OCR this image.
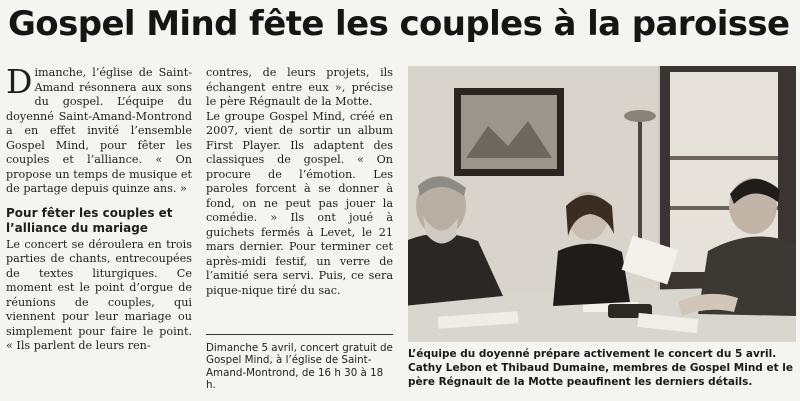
Gospel Mind fête les couples à la paroisse

Dimanche, l’église de Saint-Amand résonnera aux sons du gospel. L’équipe du doyenné Saint-Amand-Montrond a en effet invité l’ensemble Gospel Mind, pour fêter les couples et l’alliance. « On propose un temps de musique et de partage depuis quinze ans. »

Pour fêter les couples et l’alliance du mariage

Le concert se déroulera en trois parties de chants, entrecoupées de textes liturgiques. Ce moment est le point d’orgue de réunions de couples, qui viennent pour leur mariage ou simplement pour faire le point. « Ils parlent de leurs ren-

contres, de leurs projets, ils échangent entre eux », précise le père Régnault de la Motte.

Le groupe Gospel Mind, créé en 2007, vient de sortir un album First Player. Ils adaptent des classiques de gospel. « On procure de l’émotion. Les paroles forcent à se donner à fond, on ne peut pas jouer la comédie. » Ils ont joué à guichets fermés à Levet, le 21 mars dernier. Pour terminer cet après-midi festif, un verre de l’amitié sera servi. Puis, ce sera pique-nique tiré du sac.

Dimanche 5 avril, concert gratuit de Gospel Mind, à l’église de Saint-Amand-Montrond, de 16 h 30 à 18 h.
L’équipe du doyenné prépare activement le concert du 5 avril. Cathy Lebon et Thibaud Dumaine, membres de Gospel Mind et le père Régnault de la Motte peaufinent les derniers détails.
